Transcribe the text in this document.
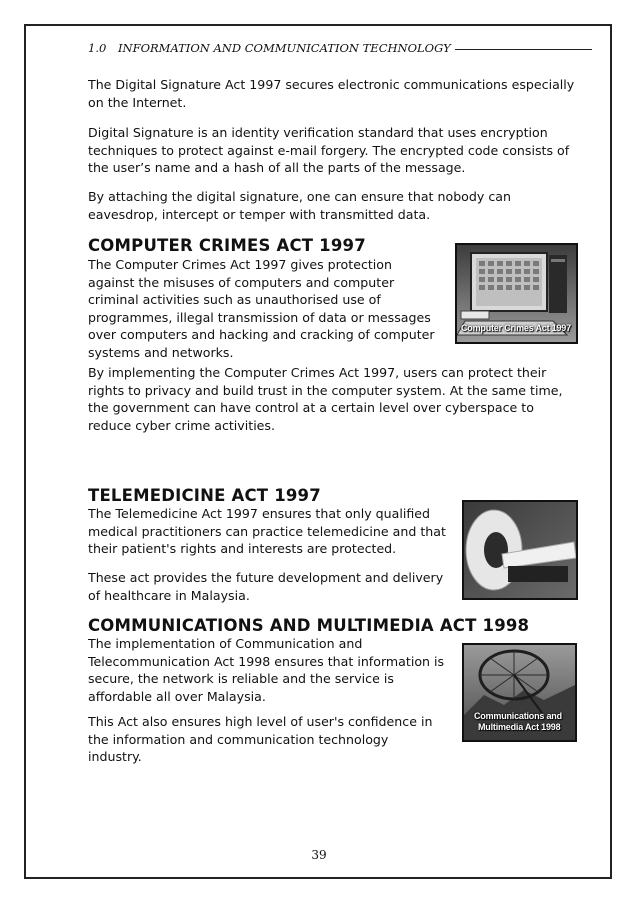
1.0	INFORMATION AND COMMUNICATION TECHNOLOGY

The Digital Signature Act 1997 secures electronic communications especially
on the Internet.

Digital Signature is an identity verification standard that uses encryption
techniques to protect against e-mail forgery. The encrypted code consists of
the user’s name and a hash of all the parts of the message.

By attaching the digital signature, one can ensure that nobody can
eavesdrop, intercept or temper with transmitted data.

COMPUTER CRIMES ACT 1997

The Computer Crimes Act 1997 gives protection
against the misuses of computers and computer
criminal activities such as unauthorised use of
programmes, illegal transmission of data or messages
over computers and hacking and cracking of computer
systems and networks.

Computer Crimes Act 1997

By implementing the Computer Crimes Act 1997, users can protect their
rights to privacy and build trust in the computer system. At the same time,
the government can have control at a certain level over cyberspace to
reduce cyber crime activities.

TELEMEDICINE ACT 1997

The Telemedicine Act 1997 ensures that only qualified
medical practitioners can practice telemedicine and that
their patient's rights and interests are protected.

These act provides the future development and delivery
of healthcare in Malaysia.

COMMUNICATIONS AND MULTIMEDIA ACT 1998

The implementation of Communication and
Telecommunication Act 1998 ensures that information is
secure, the network is reliable and the service is
affordable all over Malaysia.

Communications and
Multimedia Act 1998

This Act also ensures high level of user's confidence in
the information and communication technology
industry.

39
